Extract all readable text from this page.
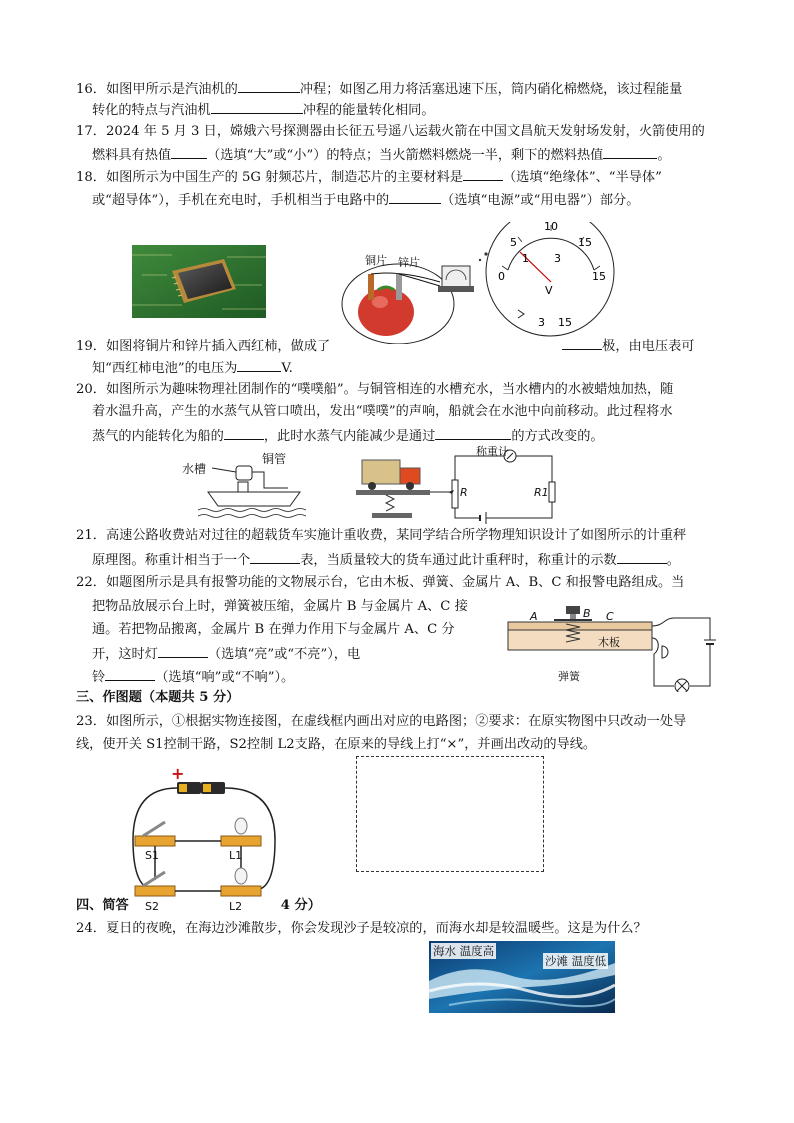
16．如图甲所示是汽油机的	冲程；如图乙用力将活塞迅速下压，筒内硝化棉燃烧，该过程能量
转化的特点与汽油机	冲程的能量转化相同。
17．2024 年 5 月 3 日，嫦娥六号探测器由长征五号遥八运载火箭在中国文昌航天发射场发射，火箭使用的
燃料具有热值	（选填“大”或“小”）的特点；当火箭燃料燃烧一半，剩下的燃料热值	。
18．如图所示为中国生产的 5G 射频芯片，制造芯片的主要材料是	（选填“绝缘体”、“半导体”
或“超导体”），手机在充电时，手机相当于电路中的	（选填“电源”或“用电器”）部分。
0
5
10
15
15
1 3
V
3 15
铜片 锌片
19．如图将铜片和锌片插入西红柿，做成了	极，由电压表可
知“西红柿电池”的电压为	V.
20．如图所示为趣味物理社团制作的“噗噗船”。与铜管相连的水槽充水，当水槽内的水被蜡烛加热，随
着水温升高，产生的水蒸气从管口喷出，发出“噗噗”的声响，船就会在水池中向前移动。此过程将水
蒸气的内能转化为船的	，此时水蒸气内能减少是通过	的方式改变的。
水槽
铜管
称重计
R	R1
21．高速公路收费站对过往的超载货车实施计重收费，某同学结合所学物理知识设计了如图所示的计重秤
原理图。称重计相当于一个	表，当质量较大的货车通过此计重秤时，称重计的示数	。
22．如题图所示是具有报警功能的文物展示台，它由木板、弹簧、金属片 A、B、C 和报警电路组成。当
把物品放展示台上时，弹簧被压缩，金属片 B 与金属片 A、C 接
通。若把物品搬离，金属片 B 在弹力作用下与金属片 A、C 分
开，这时灯	（选填“亮”或“不亮”），电
铃	（选填“响”或“不响”）。
A	B C
木板
弹簧
三、作图题（本题共 5 分）
23．如图所示，①根据实物连接图，在虚线框内画出对应的电路图；②要求：在原实物图中只改动一处导
线，使开关 S1控制干路，S2控制 L2支路，在原来的导线上打“×”，并画出改动的导线。
+
S1	L1
S2	L2
四、简答	4 分）
24．夏日的夜晚，在海边沙滩散步，你会发现沙子是较凉的，而海水却是较温暖些。这是为什么？
海水 温度高
沙滩 温度低
